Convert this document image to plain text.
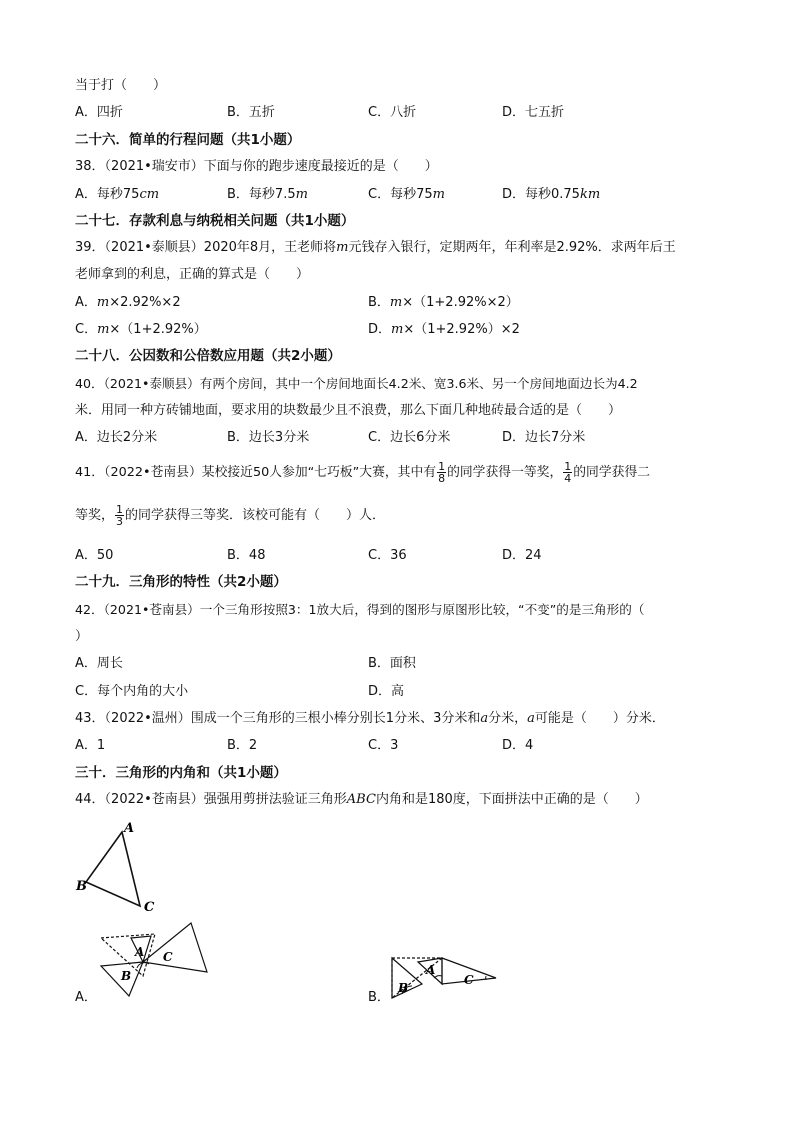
当于打（　　）
A．四折	B．五折	C．八折	D．七五折
二十六．简单的行程问题（共1小题）
38．（2021•瑞安市）下面与你的跑步速度最接近的是（　　）
A．每秒75cm	B．每秒7.5m	C．每秒75m	D．每秒0.75km
二十七．存款利息与纳税相关问题（共1小题）
39．（2021•泰顺县）2020年8月，王老师将m元钱存入银行，定期两年，年利率是2.92%．求两年后王
老师拿到的利息，正确的算式是（　　）
A．m×2.92%×2	B．m×（1+2.92%×2）
C．m×（1+2.92%）	D．m×（1+2.92%）×2
二十八．公因数和公倍数应用题（共2小题）
40．（2021•泰顺县）有两个房间，其中一个房间地面长4.2米、宽3.6米、另一个房间地面边长为4.2
米．用同一种方砖铺地面，要求用的块数最少且不浪费，那么下面几种地砖最合适的是（　　）
A．边长2分米	B．边长3分米	C．边长6分米	D．边长7分米
41．（2022•苍南县）某校接近50人参加“七巧板”大赛，其中有 $\frac{1}{8}$ 的同学获得一等奖， $\frac{1}{4}$ 的同学获得二
等奖， $\frac{1}{3}$ 的同学获得三等奖．该校可能有（　　）人．
A．50	B．48	C．36	D．24
二十九．三角形的特性（共2小题）
42．（2021•苍南县）一个三角形按照3：1放大后，得到的图形与原图形比较，“不变”的是三角形的（
）
A．周长	B．面积
C．每个内角的大小	D．高
43．（2022•温州）围成一个三角形的三根小棒分别长1分米、3分米和a分米，a可能是（　　）分米．
A．1	B．2	C．3	D．4
三十．三角形的内角和（共1小题）
44．（2022•苍南县）强强用剪拼法验证三角形ABC内角和是180度，下面拼法中正确的是（　　）
A
B
C
A C
B
A．
A
B
C
B．
